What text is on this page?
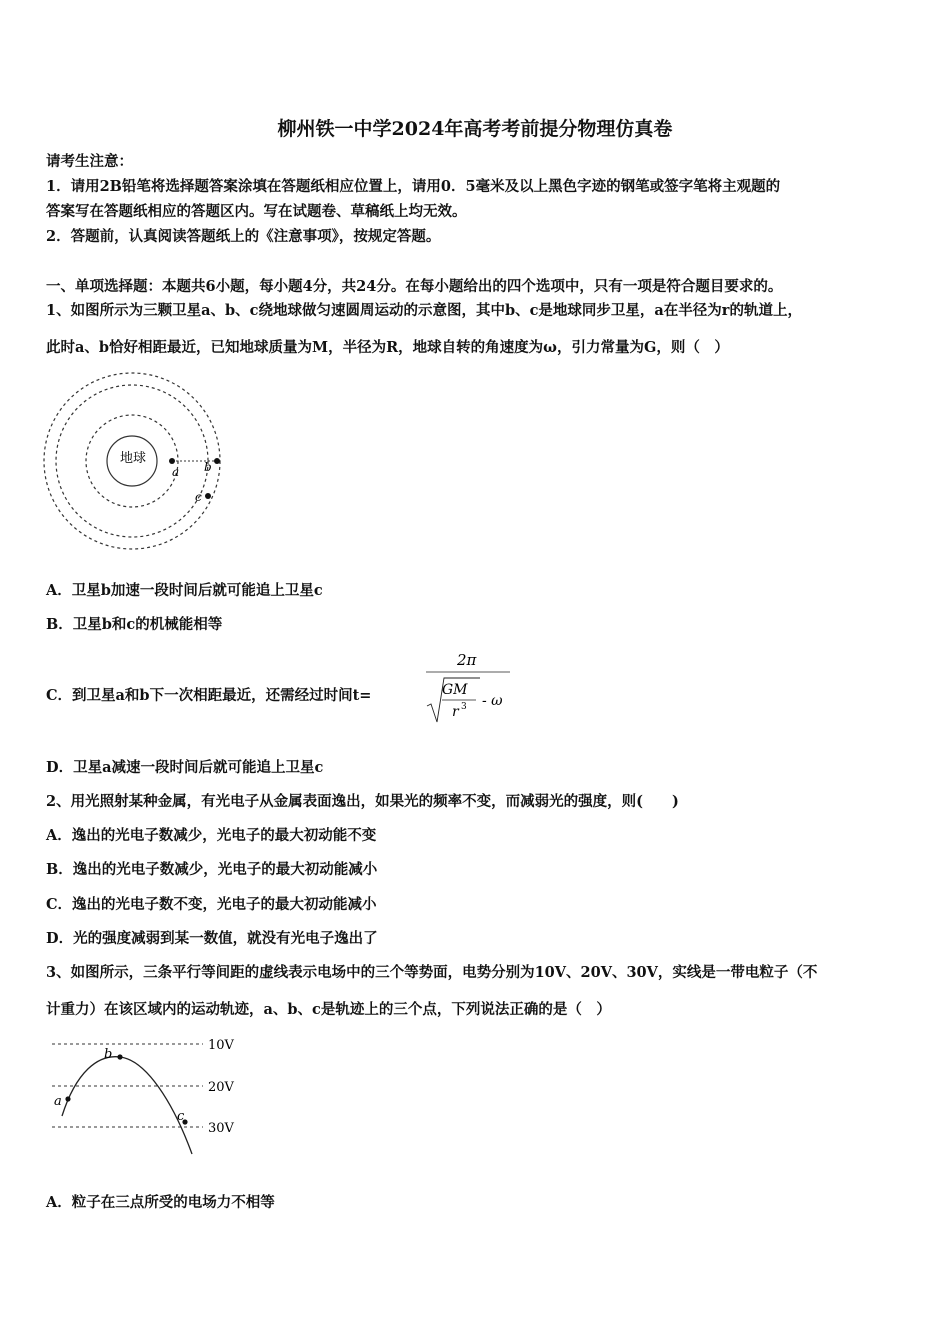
柳州铁一中学2024年高考考前提分物理仿真卷
请考生注意：
1．请用2B铅笔将选择题答案涂填在答题纸相应位置上，请用0．5毫米及以上黑色字迹的钢笔或签字笔将主观题的
答案写在答题纸相应的答题区内。写在试题卷、草稿纸上均无效。
2．答题前，认真阅读答题纸上的《注意事项》，按规定答题。
一、单项选择题：本题共6小题，每小题4分，共24分。在每小题给出的四个选项中，只有一项是符合题目要求的。
1、如图所示为三颗卫星a、b、c绕地球做匀速圆周运动的示意图，其中b、c是地球同步卫星，a在半径为r的轨道上，
此时a、b恰好相距最近，已知地球质量为M，半径为R，地球自转的角速度为ω，引力常量为G，则（　）
地球
a b
c
A．卫星b加速一段时间后就可能追上卫星c
B．卫星b和c的机械能相等
C．到卫星a和b下一次相距最近，还需经过时间t=
2π
GM
r 3 - ω
D．卫星a减速一段时间后就可能追上卫星c
2、用光照射某种金属，有光电子从金属表面逸出，如果光的频率不变，而减弱光的强度，则(　　)
A．逸出的光电子数减少，光电子的最大初动能不变
B．逸出的光电子数减少，光电子的最大初动能减小
C．逸出的光电子数不变，光电子的最大初动能减小
D．光的强度减弱到某一数值，就没有光电子逸出了
3、如图所示，三条平行等间距的虚线表示电场中的三个等势面，电势分别为10V、20V、30V，实线是一带电粒子（不
计重力）在该区域内的运动轨迹，a、b、c是轨迹上的三个点，下列说法正确的是（　）
10V
20V
30V
a
b
c
A．粒子在三点所受的电场力不相等
